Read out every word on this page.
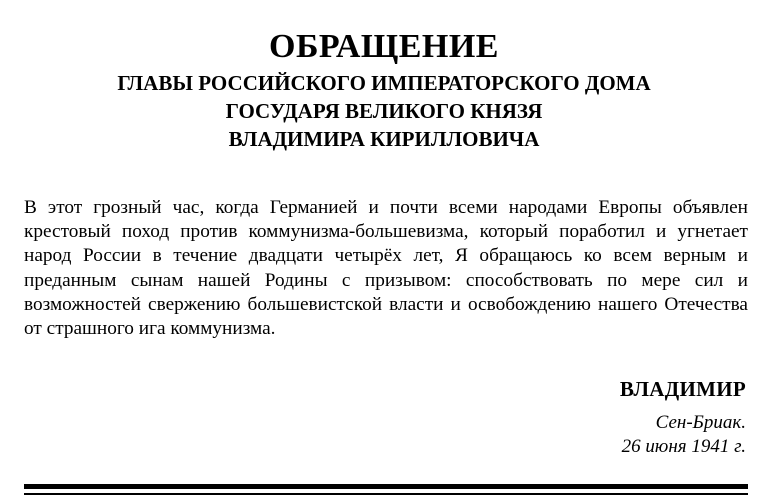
ОБРАЩЕНИЕ
ГЛАВЫ РОССИЙСКОГО ИМПЕРАТОРСКОГО ДОМА
ГОСУДАРЯ ВЕЛИКОГО КНЯЗЯ
ВЛАДИМИРА КИРИЛЛОВИЧА
В этот грозный час, когда Германией и почти всеми народами Европы объявлен крестовый поход против коммунизма-большевизма, который поработил и угнетает народ России в течение двадцати четырёх лет, Я обращаюсь ко всем верным и преданным сынам нашей Родины с призывом: способствовать по мере сил и возможностей свержению большевистской власти и освобождению нашего Отечества от страшного ига коммунизма.
ВЛАДИМИР
Сен-Бриак.
26 июня 1941 г.
